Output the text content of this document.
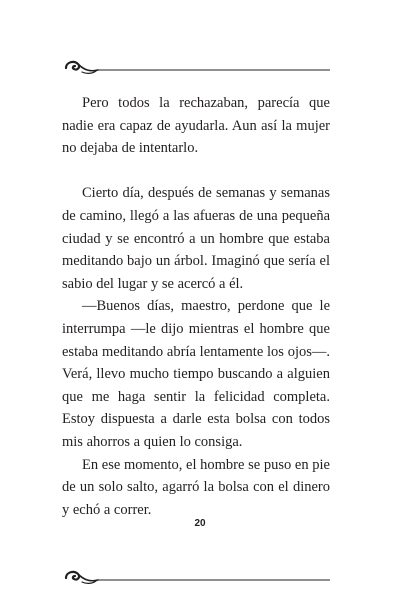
Pero todos la rechazaban, parecía que nadie era capaz de ayudarla. Aun así la mujer no dejaba de intentarlo.

Cierto día, después de semanas y semanas de camino, llegó a las afueras de una pequeña ciudad y se encontró a un hombre que estaba meditando bajo un árbol. Imaginó que sería el sabio del lugar y se acercó a él.

—Buenos días, maestro, perdone que le interrumpa —le dijo mientras el hombre que estaba meditando abría lentamente los ojos—. Verá, llevo mucho tiempo buscando a alguien que me haga sentir la felicidad completa. Estoy dispuesta a darle esta bolsa con todos mis ahorros a quien lo consiga.

En ese momento, el hombre se puso en pie de un solo salto, agarró la bolsa con el dinero y echó a correr.

20
